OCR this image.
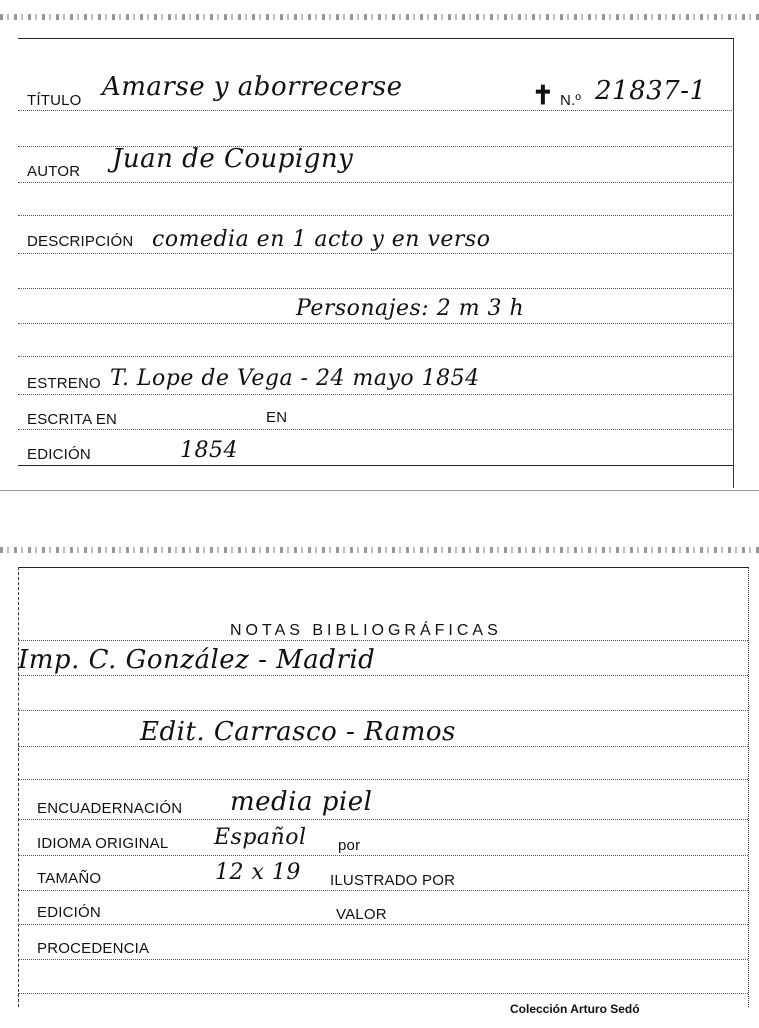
TÍTULO Amarse y aborrecerse	✝ N.º 21837-1
AUTOR Juan de Coupigny
DESCRIPCIÓN comedia en 1 acto y en verso
Personajes: 2 m 3 h
ESTRENO T. Lope de Vega - 24 mayo 1854
ESCRITA EN	EN
EDICIÓN	1854
NOTAS BIBLIOGRÁFICAS
Imp. C. González - Madrid
Edit. Carrasco - Ramos
ENCUADERNACIÓN media piel
IDIOMA ORIGINAL Español por
TAMAÑO	12 x 19 ILUSTRADO POR
EDICIÓN	VALOR
PROCEDENCIA
Colección Arturo Sedó
